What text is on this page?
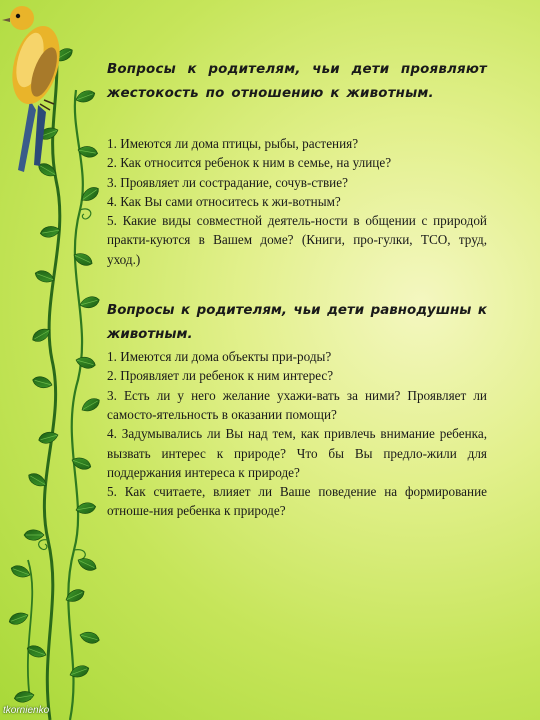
Вопросы к родителям, чьи дети проявляют жестокость по отношению к животным.

1. Имеются ли дома птицы, рыбы, растения?
2. Как относится ребенок к ним в семье, на улице?
3. Проявляет ли сострадание, сочув-ствие?
4. Как Вы сами относитесь к жи-вотным?
5. Какие виды совместной деятель-ности в общении с природой практи-куются в Вашем доме? (Книги, про-гулки, ТСО, труд, уход.)

Вопросы к родителям, чьи дети равнодушны к животным.

1. Имеются ли дома объекты при-роды?
2. Проявляет ли ребенок к ним интерес?
3. Есть ли у него желание ухажи-вать за ними? Проявляет ли самосто-ятельность в оказании помощи?
4. Задумывались ли Вы над тем, как привлечь внимание ребенка, вызвать интерес к природе? Что бы Вы предло-жили для поддержания интереса к природе?
5. Как считаете, влияет ли Ваше поведение на формирование отноше-ния ребенка к природе?
tkornienko
